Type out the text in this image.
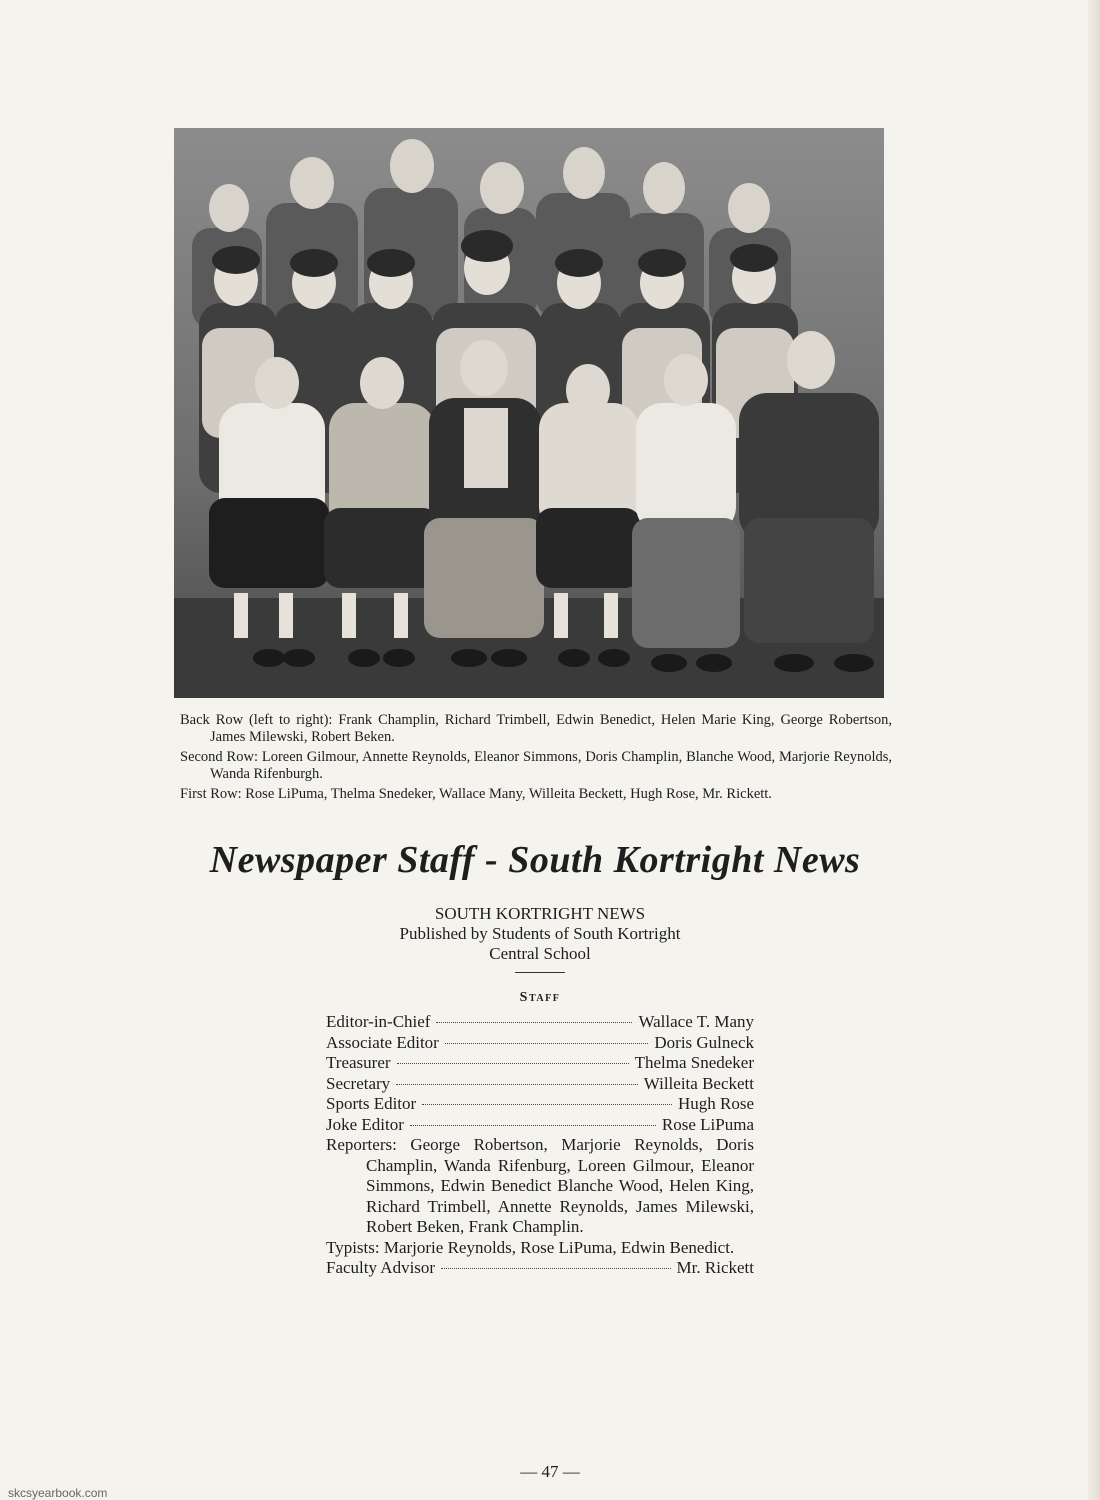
Back Row (left to right): Frank Champlin, Richard Trimbell, Edwin Benedict, Helen Marie King, George Robertson, James Milewski, Robert Beken.

Second Row: Loreen Gilmour, Annette Reynolds, Eleanor Simmons, Doris Champlin, Blanche Wood, Marjorie Reynolds, Wanda Rifenburgh.

First Row: Rose LiPuma, Thelma Snedeker, Wallace Many, Willeita Beckett, Hugh Rose, Mr. Rickett.

Newspaper Staff - South Kortright News
SOUTH KORTRIGHT NEWS
Published by Students of South Kortright
Central School
Staff
Editor-in-Chief	Wallace T. Many
Associate Editor	Doris Gulneck
Treasurer	Thelma Snedeker
Secretary	Willeita Beckett
Sports Editor	Hugh Rose
Joke Editor	Rose LiPuma
Reporters: George Robertson, Marjorie Reynolds, Doris Champlin, Wanda Rifenburg, Loreen Gilmour, Eleanor Simmons, Edwin Benedict Blanche Wood, Helen King, Richard Trimbell, Annette Reynolds, James Milewski, Robert Beken, Frank Champlin.
Typists: Marjorie Reynolds, Rose LiPuma, Edwin Benedict.
Faculty Advisor	Mr. Rickett
–– 47 ––
skcsyearbook.com
